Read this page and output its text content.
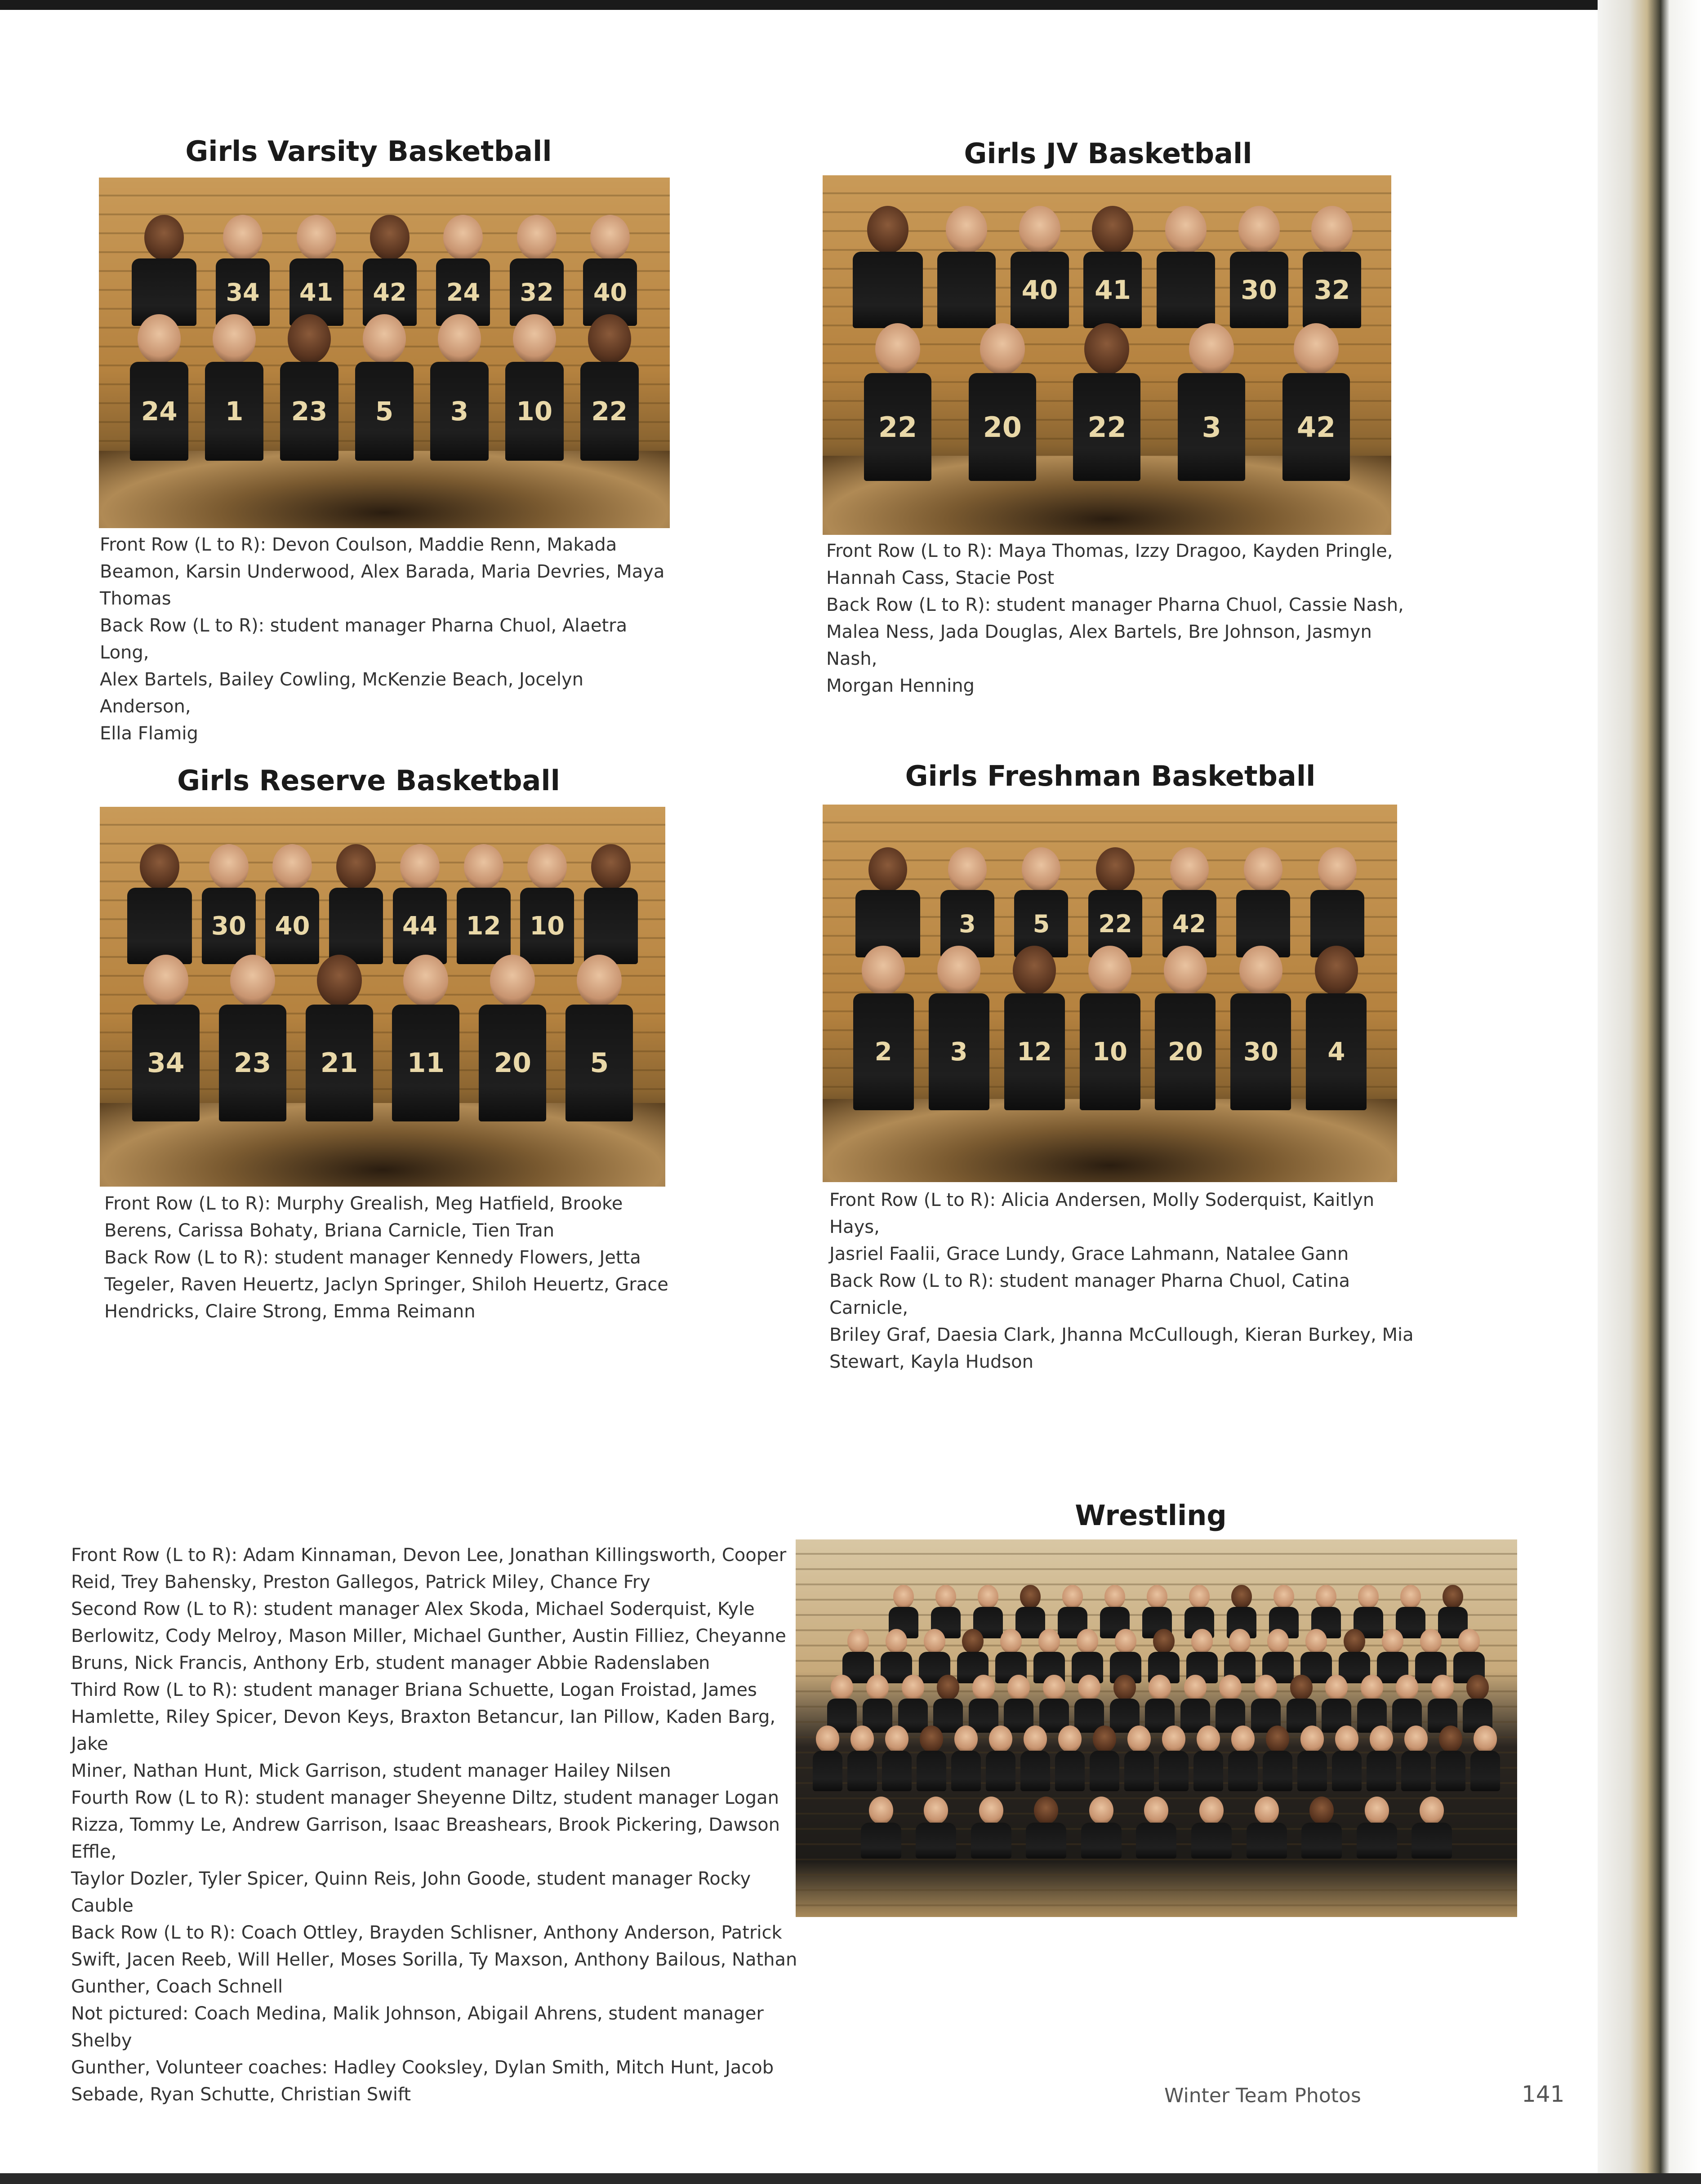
Girls Varsity Basketball
34	41	42	24	32	40
24	1	23	5	3	10	22

Front Row (L to R): Devon Coulson, Maddie Renn, Makada
Beamon, Karsin Underwood, Alex Barada, Maria Devries, Maya
Thomas
Back Row (L to R): student manager Pharna Chuol, Alaetra Long,
Alex Bartels, Bailey Cowling, McKenzie Beach, Jocelyn Anderson,
Ella Flamig

Girls JV Basketball
40	41	30	32
22	20	22	3	42

Front Row (L to R): Maya Thomas, Izzy Dragoo, Kayden Pringle,
Hannah Cass, Stacie Post
Back Row (L to R): student manager Pharna Chuol, Cassie Nash,
Malea Ness, Jada Douglas, Alex Bartels, Bre Johnson, Jasmyn Nash,
Morgan Henning

Girls Reserve Basketball
30	40	44	12	10
34	23	21	11	20	5

Front Row (L to R): Murphy Grealish, Meg Hatfield, Brooke
Berens, Carissa Bohaty, Briana Carnicle, Tien Tran
Back Row (L to R): student manager Kennedy Flowers, Jetta
Tegeler, Raven Heuertz, Jaclyn Springer, Shiloh Heuertz, Grace
Hendricks, Claire Strong, Emma Reimann

Girls Freshman Basketball
3	5	22	42
2	3	12	10	20	30	4

Front Row (L to R): Alicia Andersen, Molly Soderquist, Kaitlyn Hays,
Jasriel Faalii, Grace Lundy, Grace Lahmann, Natalee Gann
Back Row (L to R): student manager Pharna Chuol, Catina Carnicle,
Briley Graf, Daesia Clark, Jhanna McCullough, Kieran Burkey, Mia
Stewart, Kayla Hudson

Wrestling

Front Row (L to R): Adam Kinnaman, Devon Lee, Jonathan Killingsworth, Cooper
Reid, Trey Bahensky, Preston Gallegos, Patrick Miley, Chance Fry
Second Row (L to R): student manager Alex Skoda, Michael Soderquist, Kyle
Berlowitz, Cody Melroy, Mason Miller, Michael Gunther, Austin Filliez, Cheyanne
Bruns, Nick Francis, Anthony Erb, student manager Abbie Radenslaben
Third Row (L to R): student manager Briana Schuette, Logan Froistad, James
Hamlette, Riley Spicer, Devon Keys, Braxton Betancur, Ian Pillow, Kaden Barg, Jake
Miner, Nathan Hunt, Mick Garrison, student manager Hailey Nilsen
Fourth Row (L to R): student manager Sheyenne Diltz, student manager Logan
Rizza, Tommy Le, Andrew Garrison, Isaac Breashears, Brook Pickering, Dawson Effle,
Taylor Dozler, Tyler Spicer, Quinn Reis, John Goode, student manager Rocky Cauble
Back Row (L to R): Coach Ottley, Brayden Schlisner, Anthony Anderson, Patrick
Swift, Jacen Reeb, Will Heller, Moses Sorilla, Ty Maxson, Anthony Bailous, Nathan
Gunther, Coach Schnell
Not pictured: Coach Medina, Malik Johnson, Abigail Ahrens, student manager Shelby
Gunther, Volunteer coaches: Hadley Cooksley, Dylan Smith, Mitch Hunt, Jacob
Sebade, Ryan Schutte, Christian Swift	Winter Team Photos	141
